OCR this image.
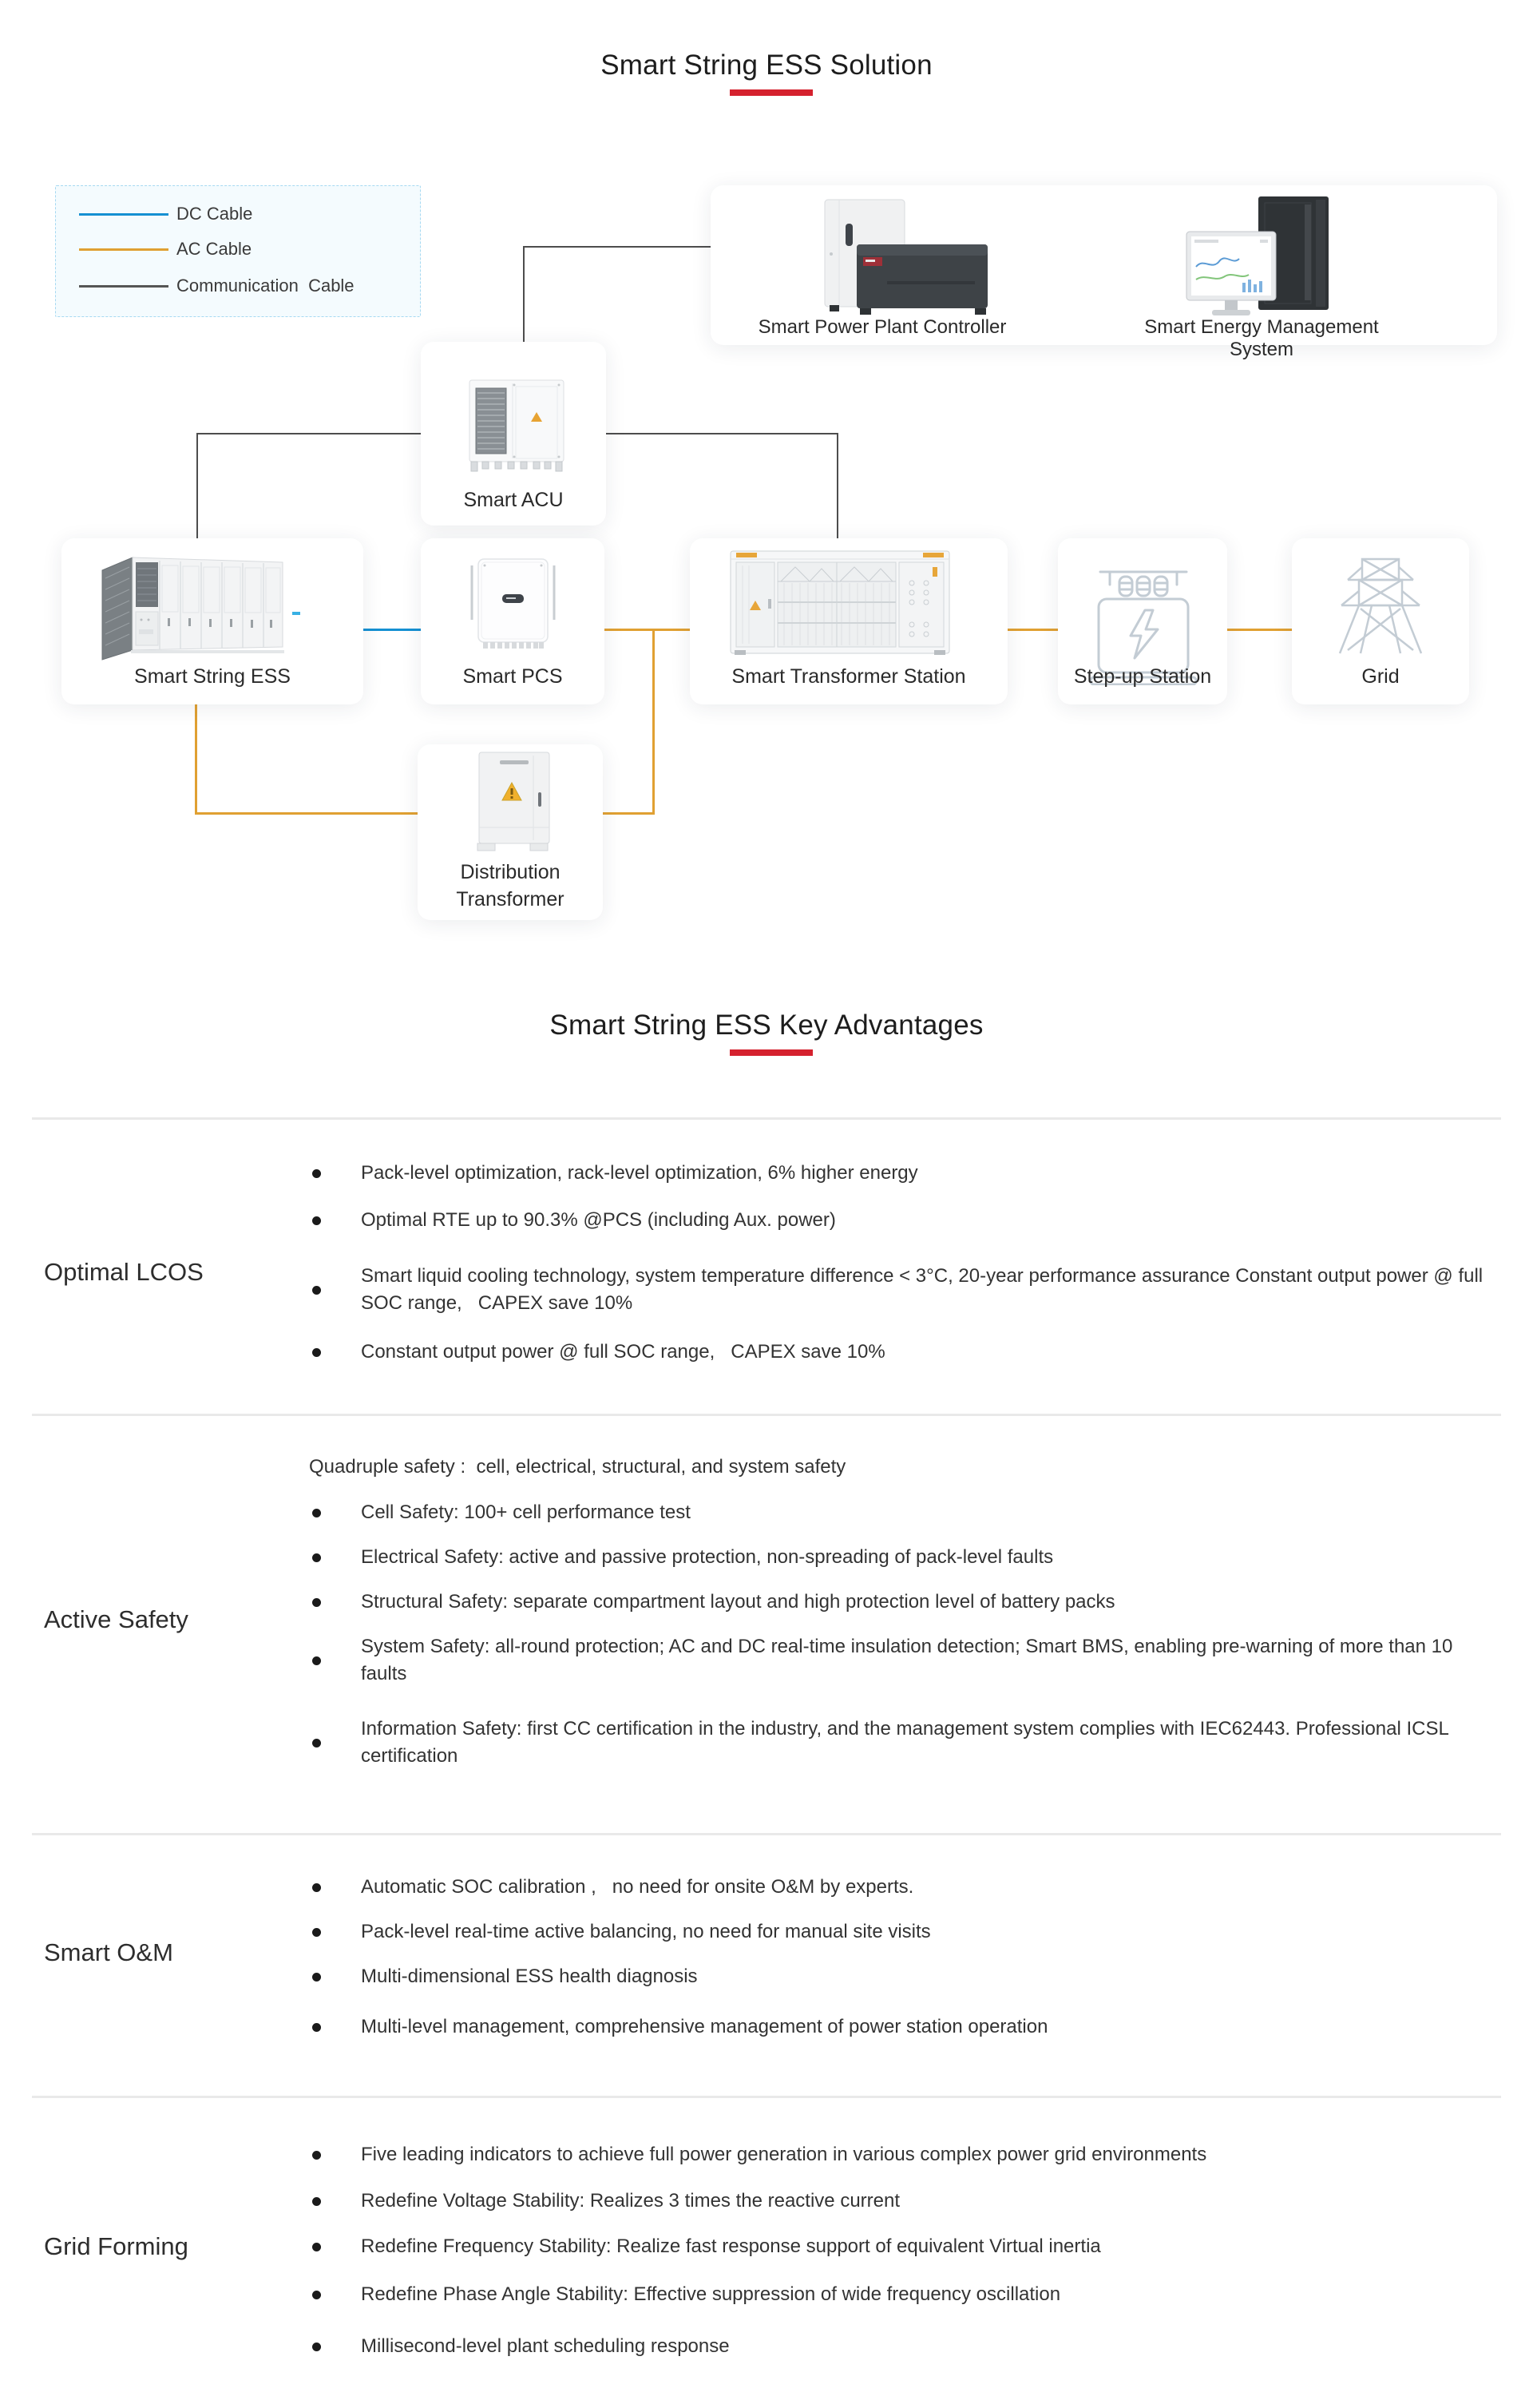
Smart String ESS Solution
DC Cable
AC Cable
Communication  Cable
Smart Power Plant Controller	Smart Energy Management System
Smart ACU
Smart String ESS	Smart PCS	Smart Transformer Station	Step-up Station	Grid
Distribution
Transformer
Smart String ESS Key Advantages
Optimal LCOS
Pack-level optimization, rack-level optimization, 6% higher energy
Optimal RTE up to 90.3% @PCS (including Aux. power)
Smart liquid cooling technology, system temperature difference < 3°C, 20-year performance assurance Constant output power @ full SOC range,   CAPEX save 10%
Constant output power @ full SOC range,   CAPEX save 10%
Active Safety
Quadruple safety :  cell, electrical, structural, and system safety
Cell Safety: 100+ cell performance test
Electrical Safety: active and passive protection, non-spreading of pack-level faults
Structural Safety: separate compartment layout and high protection level of battery packs
System Safety: all-round protection; AC and DC real-time insulation detection; Smart BMS, enabling pre-warning of more than 10 faults
Information Safety: first CC certification in the industry, and the management system complies with IEC62443. Professional ICSL certification
Smart O&M
Automatic SOC calibration ,   no need for onsite O&M by experts.
Pack-level real-time active balancing, no need for manual site visits
Multi-dimensional ESS health diagnosis
Multi-level management, comprehensive management of power station operation
Grid Forming
Five leading indicators to achieve full power generation in various complex power grid environments
Redefine Voltage Stability: Realizes 3 times the reactive current
Redefine Frequency Stability: Realize fast response support of equivalent Virtual inertia
Redefine Phase Angle Stability: Effective suppression of wide frequency oscillation
Millisecond-level plant scheduling response
